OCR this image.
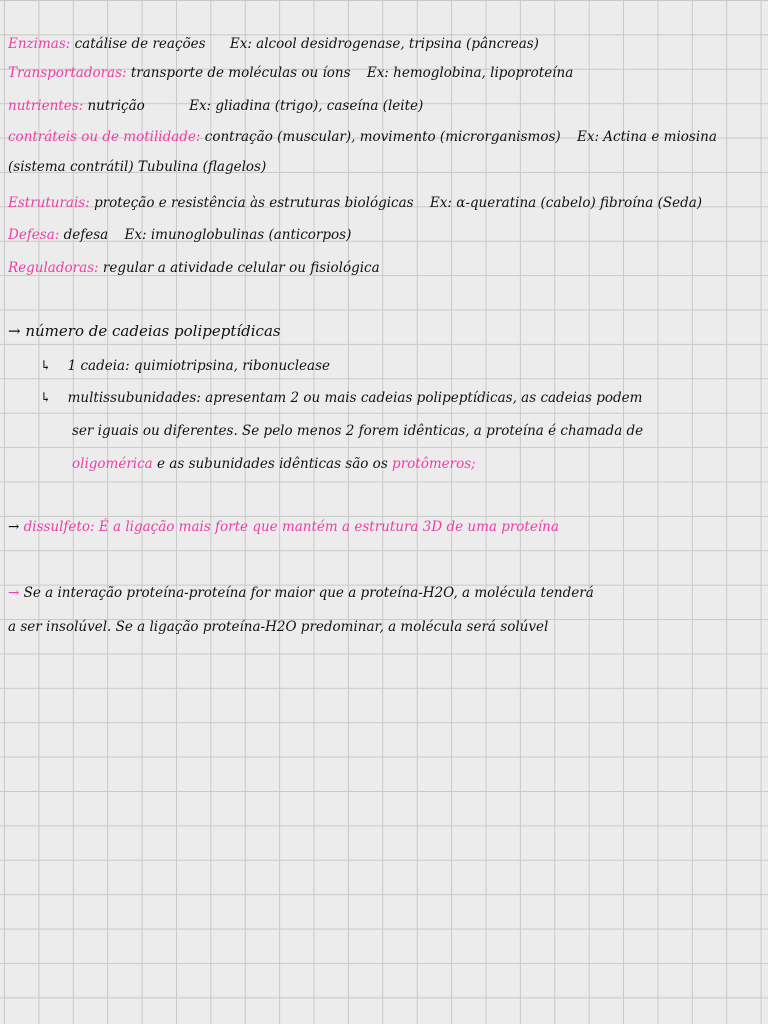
Enzimas: catálise de reações Ex: alcool desidrogenase, tripsina (pâncreas)
Transportadoras: transporte de moléculas ou íons Ex: hemoglobina, lipoproteína
nutrientes: nutrição	Ex: gliadina (trigo), caseína (leite)
contráteis ou de motilidade: contração (muscular), movimento (microrganismos) Ex: Actina e miosina
(sistema contrátil) Tubulina (flagelos)
Estruturais: proteção e resistência às estruturas biológicas Ex: α-queratina (cabelo) fibroína (Seda)
Defesa: defesa Ex: imunoglobulinas (anticorpos)
Reguladoras: regular a atividade celular ou fisiológica
→ número de cadeias polipeptídicas
↳ 1 cadeia: quimiotripsina, ribonuclease
↳ multissubunidades: apresentam 2 ou mais cadeias polipeptídicas, as cadeias podem
ser iguais ou diferentes. Se pelo menos 2 forem idênticas, a proteína é chamada de
oligomérica e as subunidades idênticas são os protômeros;
→ dissulfeto: É a ligação mais forte que mantém a estrutura 3D de uma proteína
→ Se a interação proteína-proteína for maior que a proteína-H2O, a molécula tenderá
a ser insolúvel. Se a ligação proteína-H2O predominar, a molécula será solúvel
